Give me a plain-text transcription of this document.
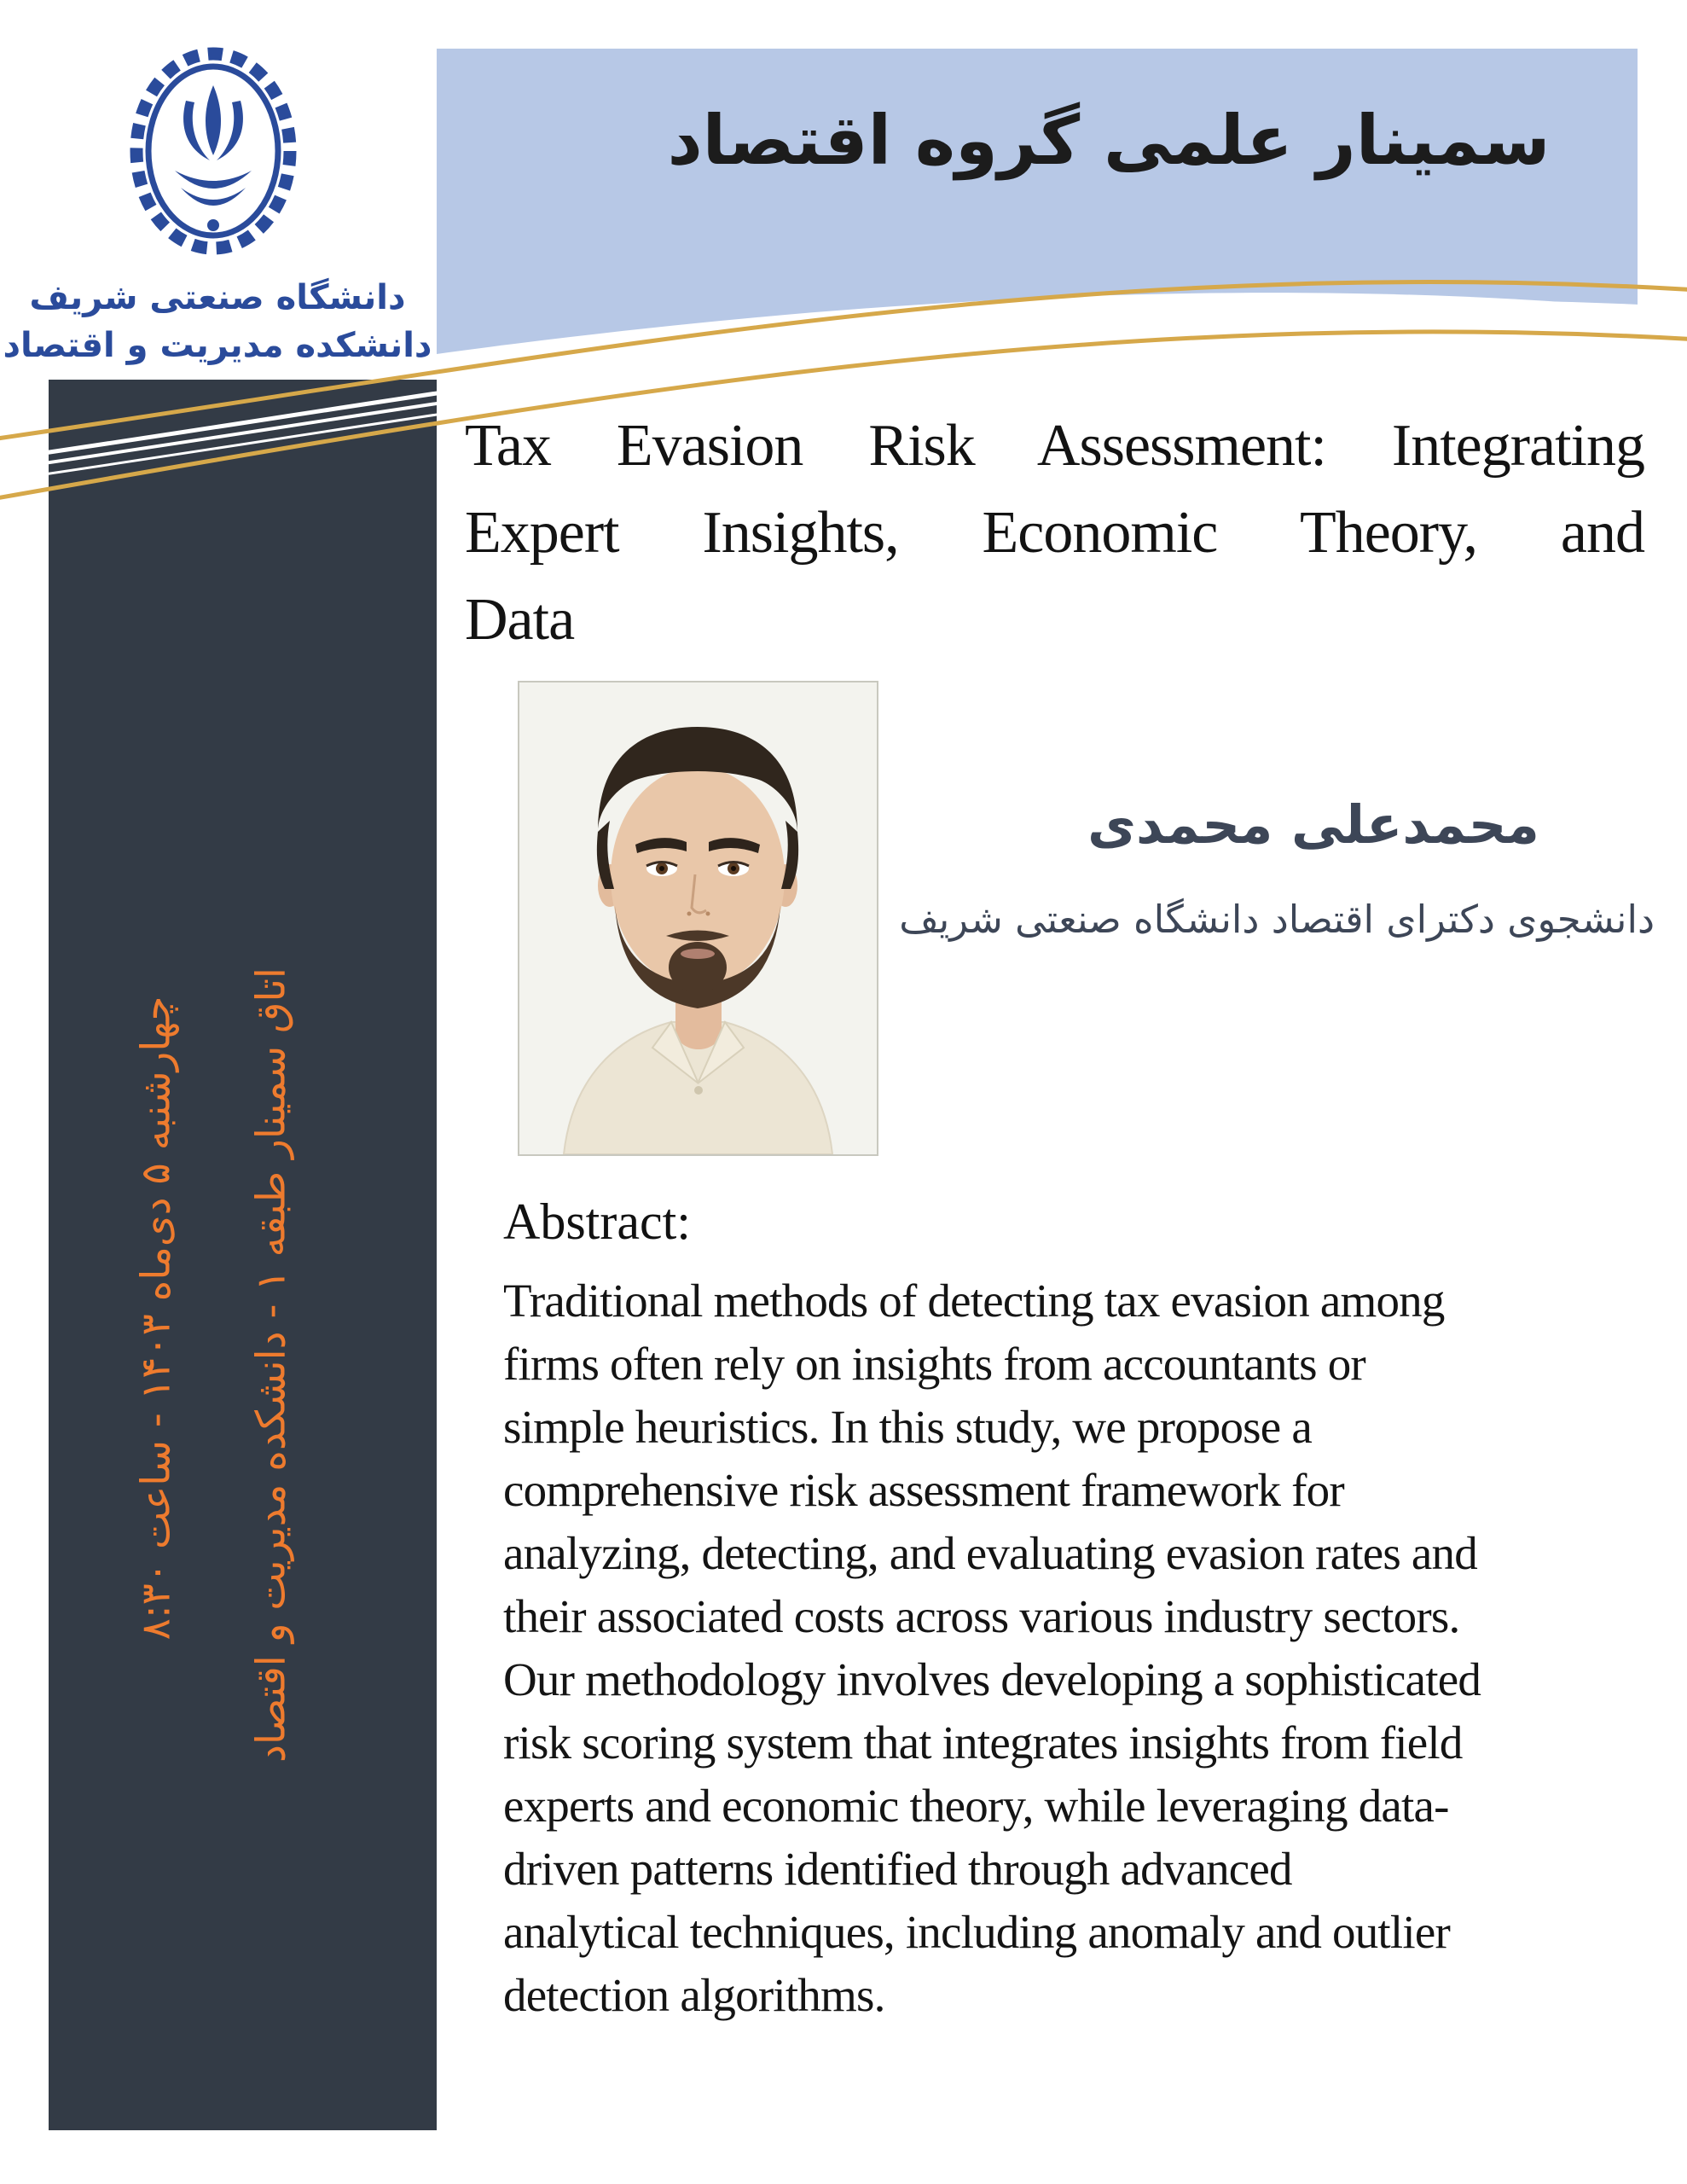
سمینار علمی گروه اقتصاد
دانشگاه صنعتی شریف
دانشکده مدیریت و اقتصاد
چهارشنبه ۵ دی‌ماه ۱۴۰۳ - ساعت ۸:۳۰
اتاق سمینار طبقه ۱ - دانشکده مدیریت و اقتصاد
Tax Evasion Risk Assessment: Integrating
Expert Insights, Economic Theory, and
Data
محمدعلی محمدی
دانشجوی دکترای اقتصاد دانشگاه صنعتی شریف
Abstract:
Traditional methods of detecting tax evasion among
firms often rely on insights from accountants or
simple heuristics. In this study, we propose a
comprehensive risk assessment framework for
analyzing, detecting, and evaluating evasion rates and
their associated costs across various industry sectors.
Our methodology involves developing a sophisticated
risk scoring system that integrates insights from field
experts and economic theory, while leveraging data-
driven patterns identified through advanced
analytical techniques, including anomaly and outlier
detection algorithms.
